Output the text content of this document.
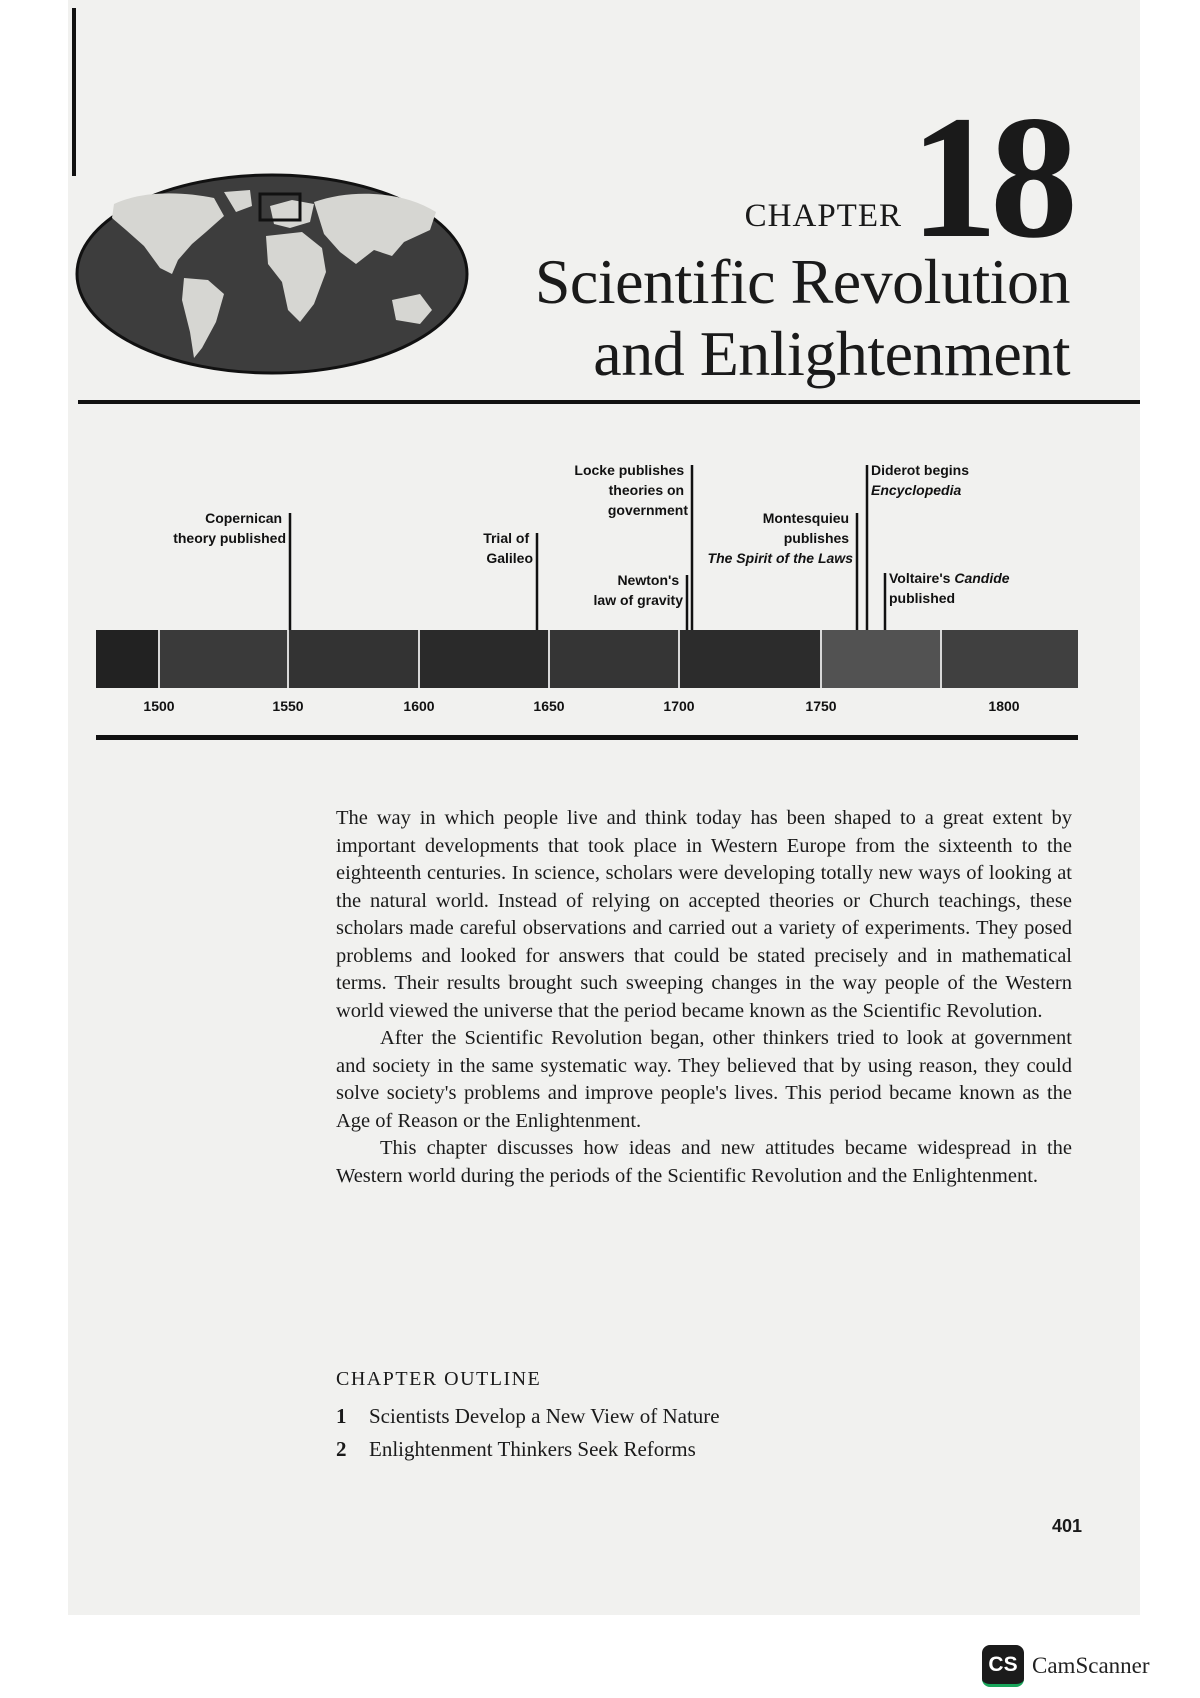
CHAPTER 18
Scientific Revolution
and Enlightenment
1500	1550	1600	1650	1700	1750	1800
Copernican theory published	Trial of Galileo
Locke publishes theories on government
Newton's law of gravity
Montesquieu publishes The Spirit of the Laws
Diderot begins Encyclopedia
Voltaire's Candide published

The way in which people live and think today has been shaped to a great extent by important developments that took place in Western Europe from the sixteenth to the eighteenth centuries. In science, scholars were developing totally new ways of looking at the natural world. Instead of relying on accepted theories or Church teachings, these scholars made careful observations and carried out a variety of experiments. They posed problems and looked for answers that could be stated precisely and in mathematical terms. Their results brought such sweeping changes in the way people of the Western world viewed the universe that the period became known as the Scientific Revolution.

After the Scientific Revolution began, other thinkers tried to look at government and society in the same systematic way. They believed that by using reason, they could solve society's problems and improve people's lives. This period became known as the Age of Reason or the Enlightenment.

This chapter discusses how ideas and new attitudes became widespread in the Western world during the periods of the Scientific Revolution and the Enlightenment.

CHAPTER OUTLINE
1	Scientists Develop a New View of Nature
2	Enlightenment Thinkers Seek Reforms
401
CS CamScanner
